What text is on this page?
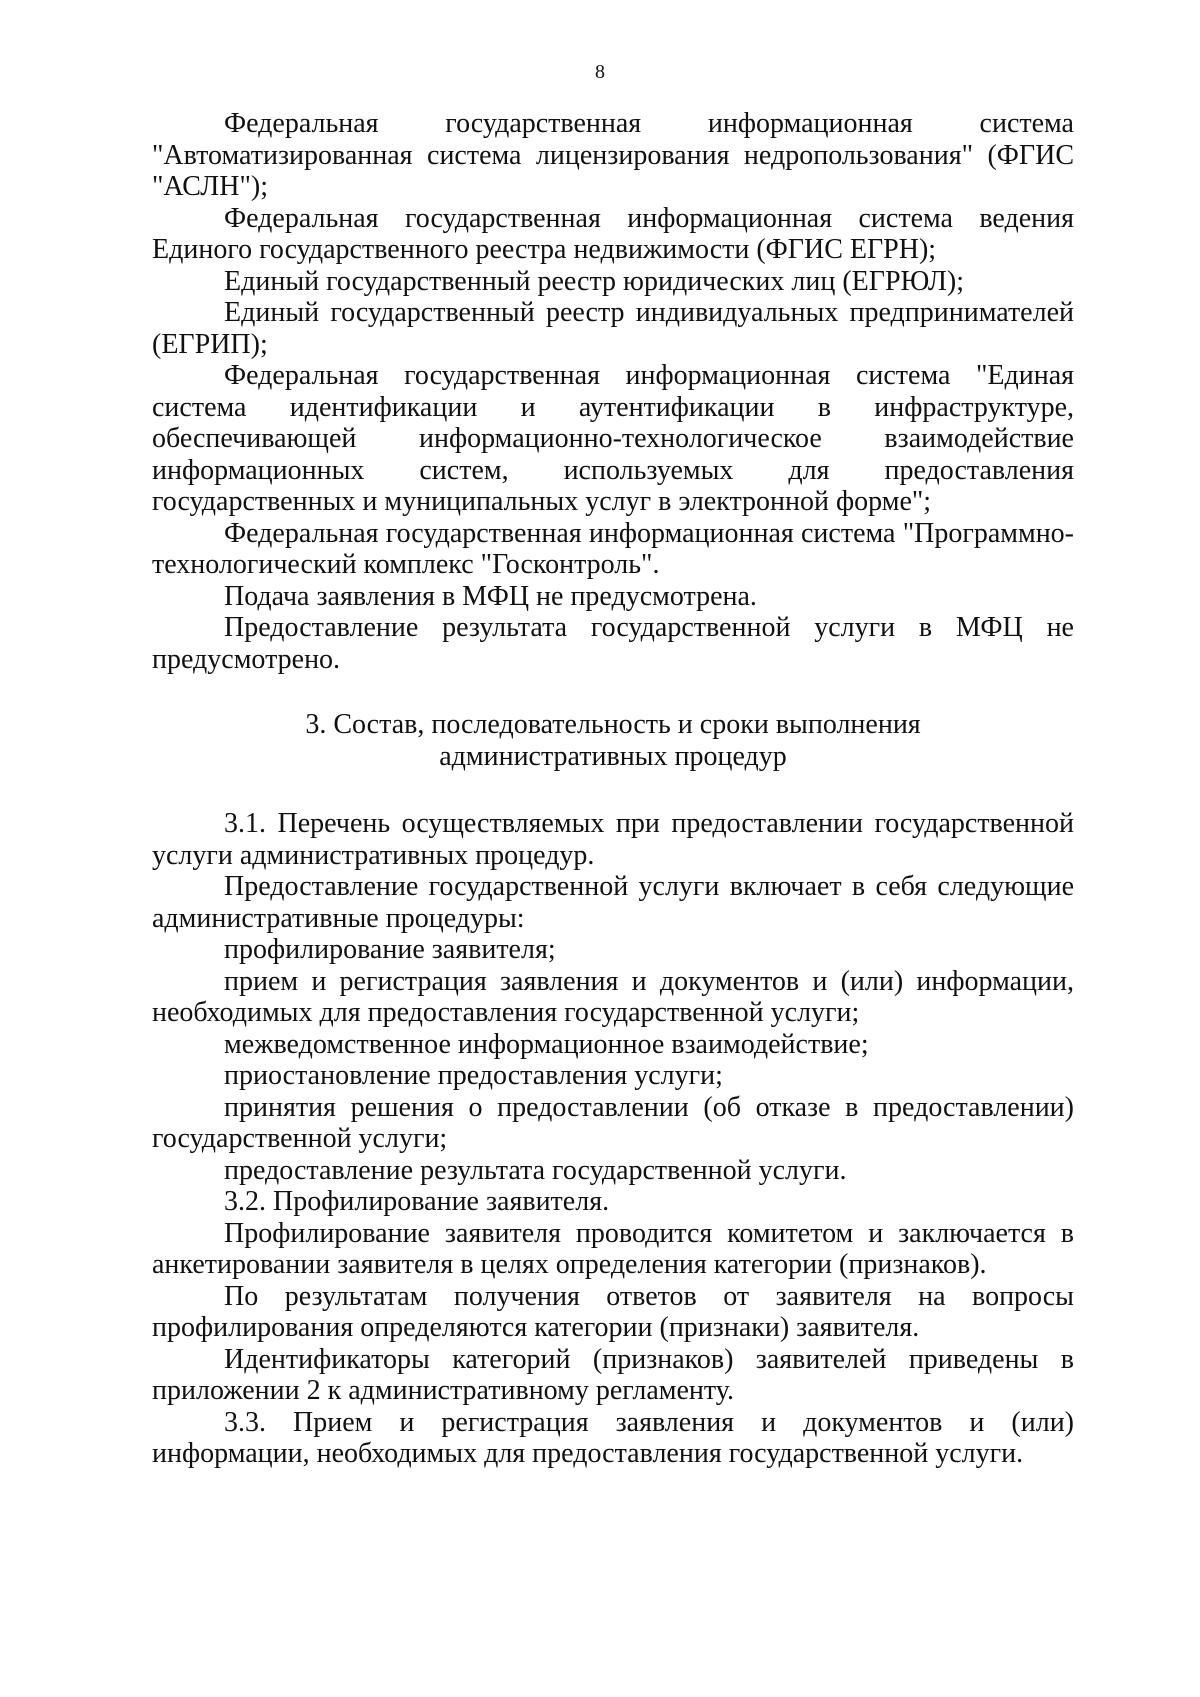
8

Федеральная государственная информационная система "Автоматизированная система лицензирования недропользования" (ФГИС "АСЛН");

Федеральная государственная информационная система ведения Единого государственного реестра недвижимости (ФГИС ЕГРН);

Единый государственный реестр юридических лиц (ЕГРЮЛ);

Единый государственный реестр индивидуальных предпринимателей (ЕГРИП);

Федеральная государственная информационная система "Единая система идентификации и аутентификации в инфраструктуре, обеспечивающей информационно-технологическое взаимодействие информационных систем, используемых для предоставления государственных и муниципальных услуг в электронной форме";

Федеральная государственная информационная система "Программно-технологический комплекс "Госконтроль".

Подача заявления в МФЦ не предусмотрена.

Предоставление результата государственной услуги в МФЦ не предусмотрено.

3. Состав, последовательность и сроки выполнения
административных процедур

3.1. Перечень осуществляемых при предоставлении государственной услуги административных процедур.

Предоставление государственной услуги включает в себя следующие административные процедуры:

профилирование заявителя;

прием и регистрация заявления и документов и (или) информации, необходимых для предоставления государственной услуги;

межведомственное информационное взаимодействие;

приостановление предоставления услуги;

принятия решения о предоставлении (об отказе в предоставлении) государственной услуги;

предоставление результата государственной услуги.

3.2. Профилирование заявителя.

Профилирование заявителя проводится комитетом и заключается в анкетировании заявителя в целях определения категории (признаков).

По результатам получения ответов от заявителя на вопросы профилирования определяются категории (признаки) заявителя.

Идентификаторы категорий (признаков) заявителей приведены в приложении 2 к административному регламенту.

3.3. Прием и регистрация заявления и документов и (или) информации, необходимых для предоставления государственной услуги.
